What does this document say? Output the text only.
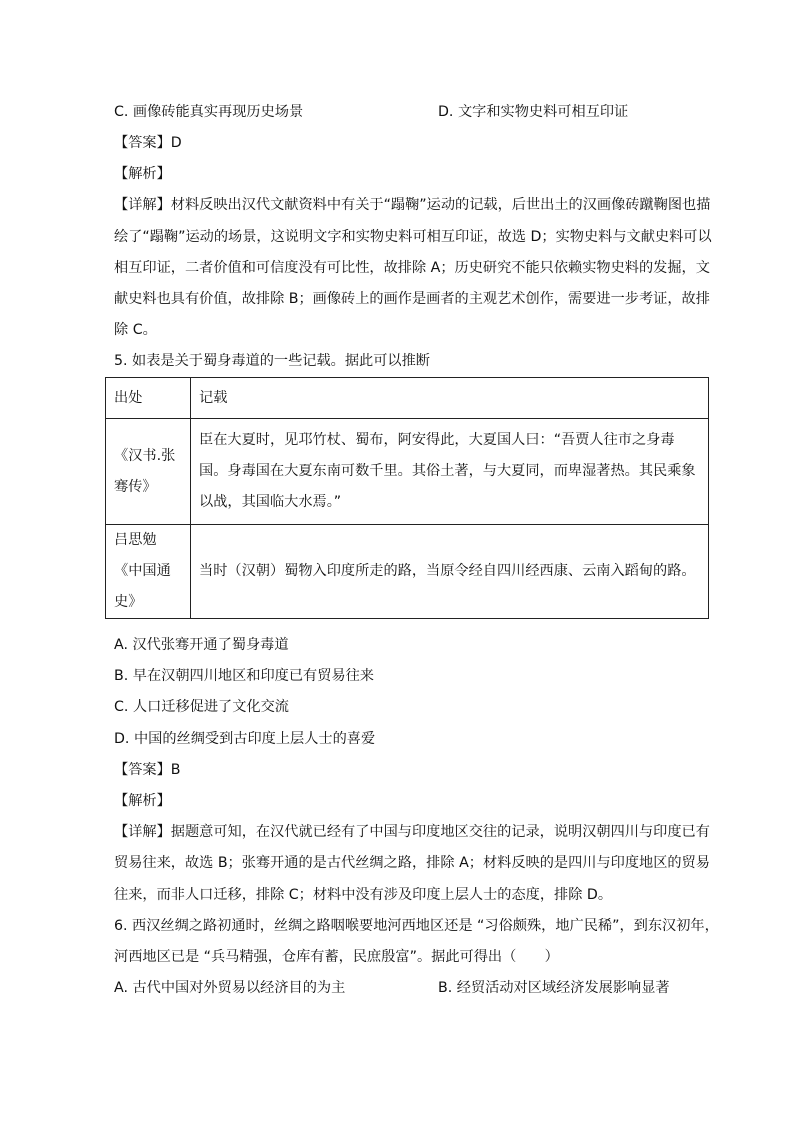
C. 画像砖能真实再现历史场景	D. 文字和实物史料可相互印证
【答案】D
【解析】
【详解】材料反映出汉代文献资料中有关于“蹋鞠”运动的记载，后世出土的汉画像砖蹴鞠图也描
绘了“蹋鞠”运动的场景，这说明文字和实物史料可相互印证，故选 D；实物史料与文献史料可以
相互印证，二者价值和可信度没有可比性，故排除 A；历史研究不能只依赖实物史料的发掘，文
献史料也具有价值，故排除 B；画像砖上的画作是画者的主观艺术创作，需要进一步考证，故排
除 C。
5. 如表是关于蜀身毒道的一些记载。据此可以推断
出处	记载
《汉书.张骞传》	臣在大夏时，见邛竹杖、蜀布，阿安得此，大夏国人曰：“吾贾人往市之身毒国。身毒国在大夏东南可数千里。其俗土著，与大夏同，而卑湿著热。其民乘象以战，其国临大水焉。”
吕思勉《中国通史》	当时（汉朝）蜀物入印度所走的路，当原令经自四川经西康、云南入蹈甸的路。
A. 汉代张骞开通了蜀身毒道
B. 早在汉朝四川地区和印度已有贸易往来
C. 人口迁移促进了文化交流
D. 中国的丝绸受到古印度上层人士的喜爱
【答案】B
【解析】
【详解】据题意可知，在汉代就已经有了中国与印度地区交往的记录，说明汉朝四川与印度已有
贸易往来，故选 B；张骞开通的是古代丝绸之路，排除 A；材料反映的是四川与印度地区的贸易
往来，而非人口迁移，排除 C；材料中没有涉及印度上层人士的态度，排除 D。
6. 西汉丝绸之路初通时，丝绸之路咽喉要地河西地区还是 “习俗颇殊，地广民稀”，到东汉初年，
河西地区已是 “兵马精强，仓库有蓄，民庶殷富”。据此可得出（　　）
A. 古代中国对外贸易以经济目的为主	B. 经贸活动对区域经济发展影响显著
